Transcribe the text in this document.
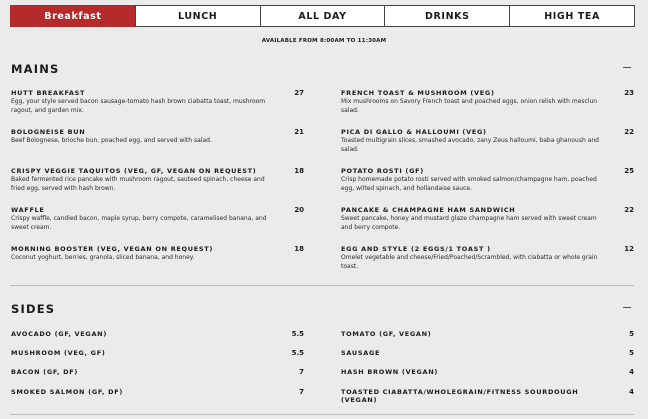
Breakfast	LUNCH	ALL DAY	DRINKS	HIGH TEA
AVAILABLE FROM 8:00AM TO 11:30AM
MAINS
HUTT BREAKFAST
Egg, your style served bacon sausage-tomato hash brown ciabatta toast, mushroom ragout, and garden mix.
27
BOLOGNEISE BUN
Beef Bolognese, brioche bun, poached egg, and served with salad.
21
CRISPY VEGGIE TAQUITOS (VEG, GF, VEGAN ON REQUEST)
Baked fermented rice pancake with mushroom ragout, sauteed spinach, cheese and fried egg, served with hash brown.
18
WAFFLE
Crispy waffle, candied bacon, maple syrup, berry compote, caramelised banana, and sweet cream.
20
MORNING BOOSTER (VEG, VEGAN ON REQUEST)
Coconut yoghurt, berries, granola, sliced banana, and honey.
18
FRENCH TOAST & MUSHROOM (VEG)
Mix mushrooms on Savory French toast and poached eggs, onion relish with mesclun salad.
23
PICA DI GALLO & HALLOUMI (VEG)
Toasted multigrain slices, smashed avocado, zany Zeus halloumi, baba ghanoush and salad.
22
POTATO ROSTI (GF)
Crisp homemade potato rosti served with smoked salmon/champagne ham, poached egg, wilted spinach, and hollandaise sauce.
25
PANCAKE & CHAMPAGNE HAM SANDWICH
Sweet pancake, honey and mustard glaze champagne ham served with sweet cream and berry compote.
22
EGG AND STYLE (2 EGGS/1 TOAST )
Omelet vegetable and cheese/Fried/Poached/Scrambled, with ciabatta or whole grain toast.
12
SIDES
AVOCADO (GF, VEGAN)	5.5
MUSHROOM (VEG, GF)	5.5
BACON (GF, DF)	7
SMOKED SALMON (GF, DF)	7
TOMATO (GF, VEGAN)	5
SAUSAGE	5
HASH BROWN (VEGAN)	4
TOASTED CIABATTA/WHOLEGRAIN/FITNESS SOURDOUGH (VEGAN)
4
